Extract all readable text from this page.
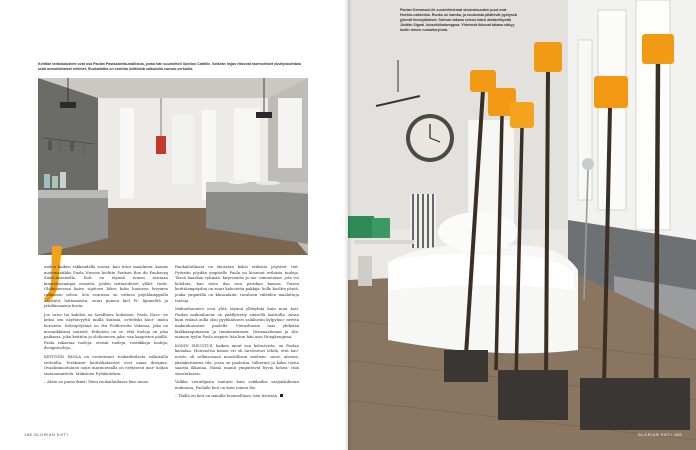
Keittiön teräskalusteet ovat osa Paolan Pastacaletta-mallistoa, jonka hän suunnitteli Opinion Cattiille. Selkeän linjan rikkovat marmoritarit yksityiskohtana sekä messinkitaiset rettimet. Ruokailutila on erotettu keittiöstä valkoisilla canvas-verhoilla.

unden kaiken rakkaudella suosia. kun tutor maailman: kaunis matemaatikko Paola Navone koditte Pariisin Rue du Faubourg Saint-Antoinella. Koti on täynnä toinen toistaan kiinnostavampia esineitä, joiden mittasuhteet yllätt- tävät. Olohuoneessa kaivo sijaitsee lähes koko huoneen levyinen valkoinen sohva. Sen seurassa on valtava pöytälamppulla näyttävä laittamaista, suuri puinen kiel Fi- lipiineiltä ja jättiläismaisia kuvia.

Joo raise tai kahden on tavallinen kokoinen, Paola Navo- ne keksi sen näyttävyyttä mulla kuinsia, oviteleiki kuor- mista koristein. Sohvapöytänä on vlsi Poliforrotin Vakossa, joka on mosaiikkiinsa sonneel. Erikoista on se, että tuoleja on joka paikassa, joka keittiön ja olohuoneen jaka- van kaapiston päällä. Paola rakastaa tuoleja: eteisäi tuoleja, rustiikkeja tuoleja, designtuoleja...

KEITTIÖN PAOLA on erotettanut ruokailutilasta valkoisilla verhoilla. Teräksiset keittiökalusteet ovat omaa designia. Ovaalinmuotoinen suuri marmorisalla on erityisesti mar- koljan sisäsuunnittelu. Mäksinen Pyhäköteken.

– Aloin on paras ikinä! Pieni ruokailutilassa hän sanoo.

Ruokailutilassa on ekoratan kaksi erilaista pöytävä- teit. Pyöreän pöydän ympärille Paola on koonnut erilaisia tuoleja. Tässä haaskuu ryhmää: kirjavuutta ja mo- nimuotoisia, jota voi kohdata, kun istuu ilaa isoa perukan kanssa. Toisen keittiöampäyden on suuri kalusteita pakkija- kolle kooltta pöytä, jonka ympärillä on klusaalaita, tavalisen viileiden maalattuja tuoleja.

Makuuhuoneet ovat yhtä täynnä yllätyksiä kuin muu koti. Paolan makuuhuone on päällystetty sinisellä laattoilla. Aivan kuin erääsä aulla olisi pyyhkäisseet salakuviin kylpyhuo- neesta makuuhuoneen puolelle. Vierashuone taas yhdistää kirkkaanpunaisen ja tummansinisen. Väriaaaalinnan ja tila- mainon tyylin Paola inspiroi hän kun hän asui Hongkongissa.

KODIN SISUSTUS, kaiken muut sen kalusteista, on Paolan käsialaa. Hornoottia hänen eri oli tarvitsevat tehdä, että huo- neisto oli sellaisenaan muodollisen mielnen: suuri, alaston, yksinkertainen tila, jossa on paaluttia, tiilberinä ja kaksi toista saastia ikkunaa. Nämä raamit ympäröivät hyvin hohea- rnin sisustukseen.

Vaikka vierailijasta tuntuisi kuin seikkailisi sarjankokeran mukuissa, Paolalle koti on kuin toinen iho.

– Täällä en koti on minulle luonnollinen, hän tiivistää.

188 GLORIAN KOTI
Paolan Gervasoni-lle suunnittelemat sivumaisuuden puut ovat Hoehlo-nakkeista. Runko on bambu, ja nuukoista pilailevät pystyssä jykevät kivenjalkaiset. Sohvan takana seisoo kaksi aidakettsyvää Jieldän Signal -kiosekkikalamppoa. Yhteensä ikkunat takana näkyy kodin toisen ruokailuryhmä.
GLORIAN KOTI 189
